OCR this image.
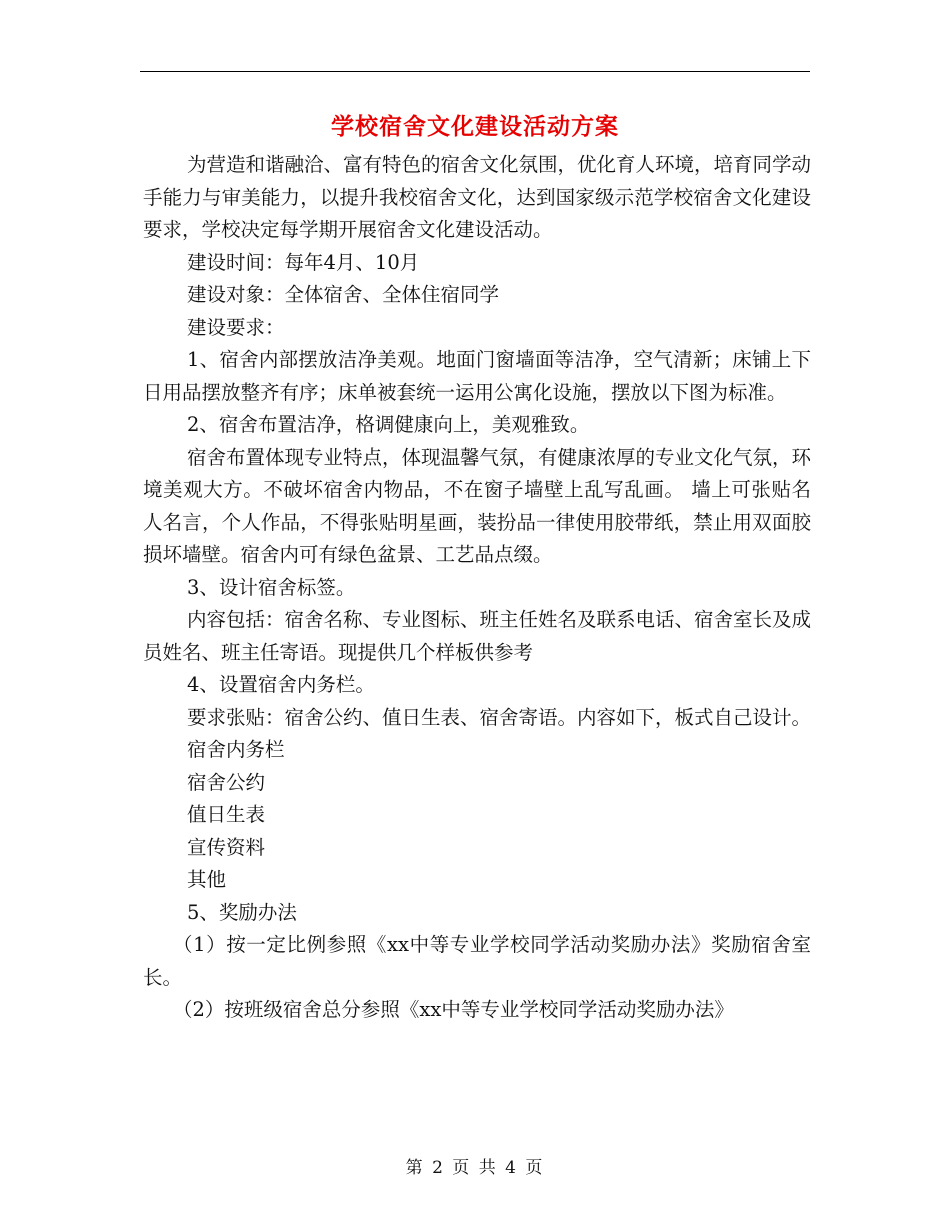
学校宿舍文化建设活动方案

为营造和谐融洽、富有特色的宿舍文化氛围，优化育人环境，培育同学动手能力与审美能力，以提升我校宿舍文化，达到国家级示范学校宿舍文化建设要求，学校决定每学期开展宿舍文化建设活动。

建设时间：每年4月、10月

建设对象：全体宿舍、全体住宿同学

建设要求：

1、宿舍内部摆放洁净美观。地面门窗墙面等洁净，空气清新；床铺上下日用品摆放整齐有序；床单被套统一运用公寓化设施，摆放以下图为标准。

2、宿舍布置洁净，格调健康向上，美观雅致。

宿舍布置体现专业特点，体现温馨气氛，有健康浓厚的专业文化气氛，环境美观大方。不破坏宿舍内物品，不在窗子墙壁上乱写乱画。 墙上可张贴名人名言，个人作品，不得张贴明星画，装扮品一律使用胶带纸，禁止用双面胶损坏墙壁。宿舍内可有绿色盆景、工艺品点缀。

3、设计宿舍标签。

内容包括：宿舍名称、专业图标、班主任姓名及联系电话、宿舍室长及成员姓名、班主任寄语。现提供几个样板供参考

4、设置宿舍内务栏。

要求张贴：宿舍公约、值日生表、宿舍寄语。内容如下，板式自己设计。

宿舍内务栏

宿舍公约

值日生表

宣传资料

其他

5、奖励办法

（1）按一定比例参照《xx中等专业学校同学活动奖励办法》奖励宿舍室长。

（2）按班级宿舍总分参照《xx中等专业学校同学活动奖励办法》

第 2 页 共 4 页
